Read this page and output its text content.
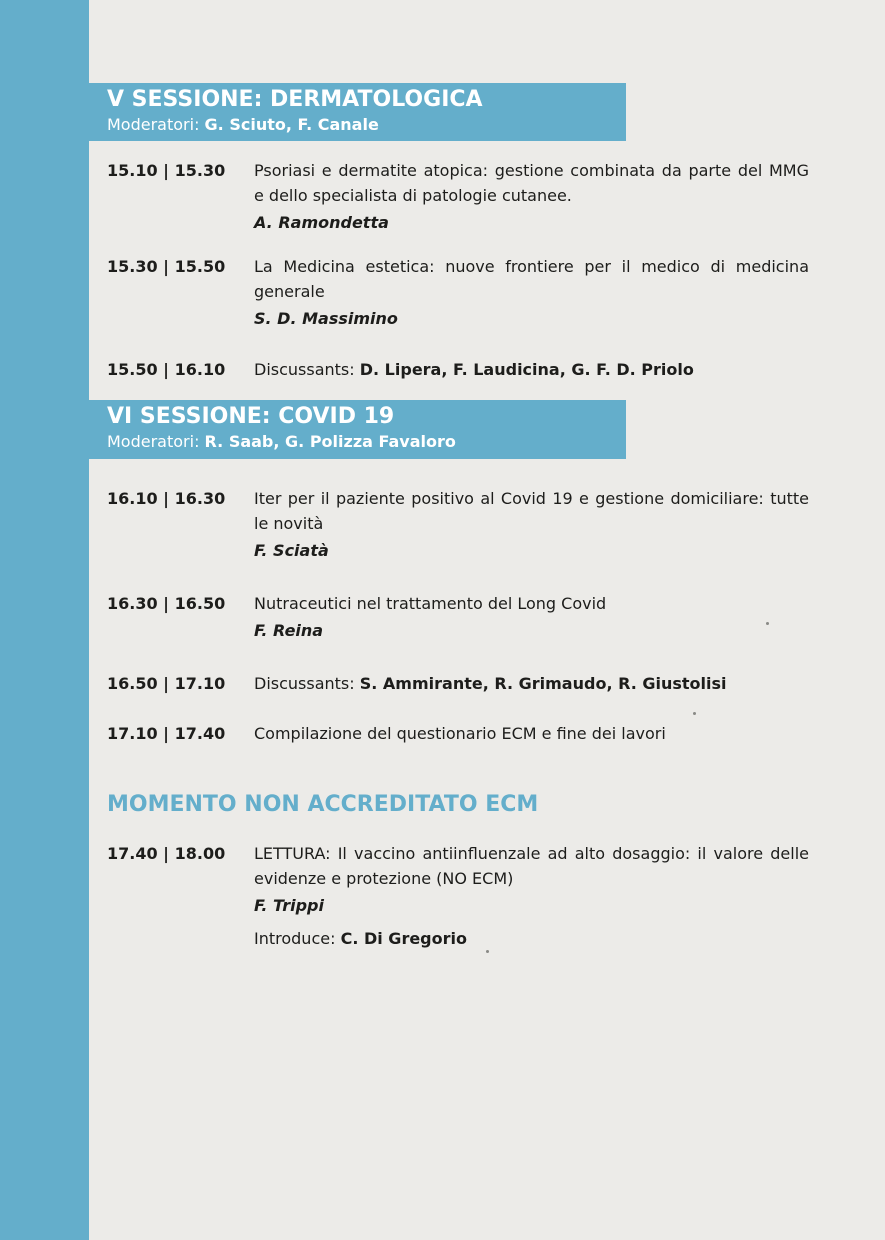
V SESSIONE: DERMATOLOGICA
Moderatori: G. Sciuto, F. Canale
15.10 | 15.30	Psoriasi e dermatite atopica: gestione combinata da parte del MMG e dello specialista di patologie cutanee.
A. Ramondetta
15.30 | 15.50	La Medicina estetica: nuove frontiere per il medico di medicina generale
S. D. Massimino
15.50 | 16.10	Discussants: D. Lipera, F. Laudicina, G. F. D. Priolo
VI SESSIONE: COVID 19
Moderatori: R. Saab, G. Polizza Favaloro
16.10 | 16.30	Iter per il paziente positivo al Covid 19 e gestione domiciliare: tutte le novità
F. Sciatà
16.30 | 16.50	Nutraceutici nel trattamento del Long Covid
F. Reina
16.50 | 17.10	Discussants: S. Ammirante, R. Grimaudo, R. Giustolisi
17.10 | 17.40	Compilazione del questionario ECM e fine dei lavori
MOMENTO NON ACCREDITATO ECM
17.40 | 18.00	LETTURA: Il vaccino antiinfluenzale ad alto dosaggio: il valore delle evidenze e protezione (NO ECM)
F. Trippi
Introduce: C. Di Gregorio
